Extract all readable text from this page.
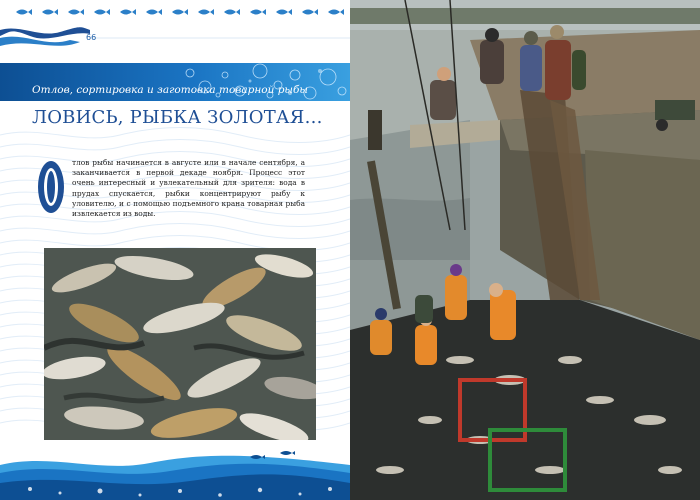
66
Отлов, сортировка и заготовка товарной рыбы
ЛОВИСЬ, РЫБКА ЗОЛОТАЯ…
тлов рыбы начинается в августе или в начале сентября, а заканчивается в первой декаде ноября. Процесс этот очень интересный и увлекательный для зрителя: вода в прудах спускается, рыбки концентрируют рыбу к уловителю, и с помощью подъемного крана товарная рыба извлекается из воды.
